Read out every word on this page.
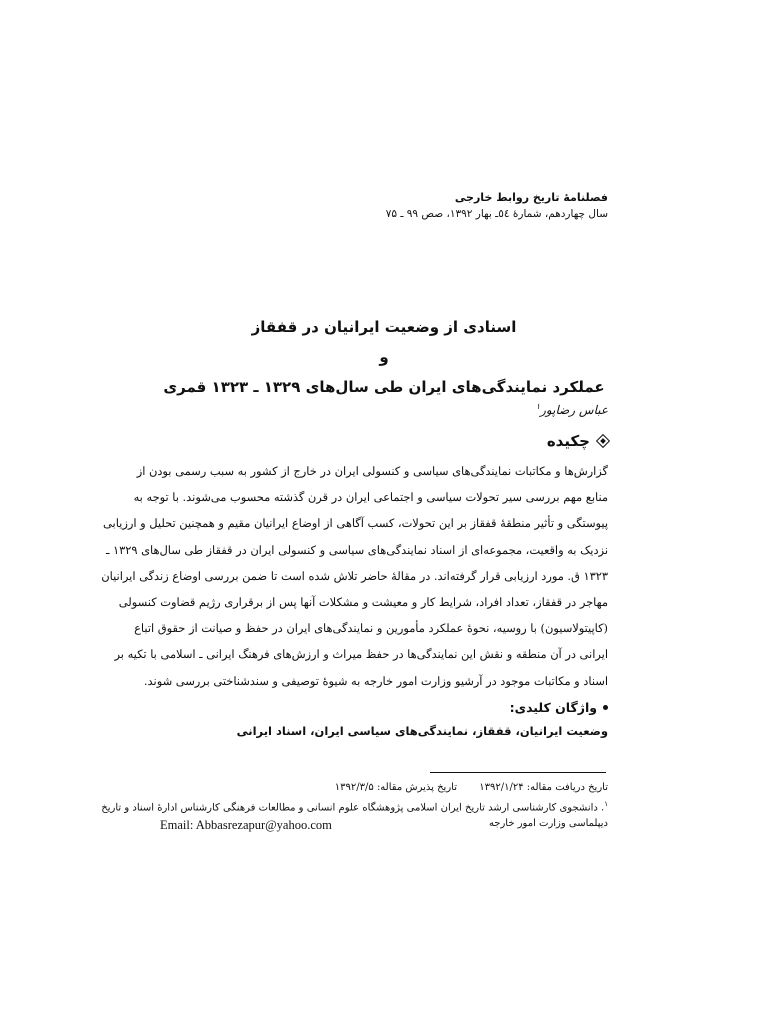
فصلنامهٔ تاریخ روابط خارجی
سال چهاردهم، شمارهٔ ٥٤ـ بهار ۱۳۹۲، صص ۹۹ ـ ۷۵
اسنادی از وضعیت ایرانیان در قفقاز
و
عملکرد نمایندگی‌های ایران طی سال‌های ۱۳۲۹ ـ ۱۳۲۳ قمری
عباس رضاپور$^۱$
چکیده
گزارش‌ها و مکاتبات نمایندگی‌های سیاسی و کنسولی ایران در خارج از کشور به سبب رسمی بودن از
منابع مهم بررسی سیر تحولات سیاسی و اجتماعی ایران در قرن گذشته محسوب می‌شوند. با توجه به
پیوستگی و تأثیر منطقهٔ قفقاز بر این تحولات، کسب آگاهی از اوضاع ایرانیان مقیم و همچنین تحلیل و ارزیابی
نزدیک به واقعیت، مجموعه‌ای از اسناد نمایندگی‌های سیاسی و کنسولی ایران در قفقاز طی سال‌های ۱۳۲۹ ـ
۱۳۲۳ ق. مورد ارزیابی قرار گرفته‌اند. در مقالهٔ حاضر تلاش شده است تا ضمن بررسی اوضاع زندگی ایرانیان
مهاجر در قفقاز، تعداد افراد، شرایط کار و معیشت و مشکلات آنها پس از برقراری رژیم قضاوت کنسولی
(کاپیتولاسیون) با روسیه، نحوهٔ عملکرد مأمورین و نمایندگی‌های ایران در حفظ و صیانت از حقوق اتباع
ایرانی در آن منطقه و نقش این نمایندگی‌ها در حفظ میراث و ارزش‌های فرهنگ ایرانی ـ اسلامی با تکیه بر
اسناد و مکاتبات موجود در آرشیو وزارت امور خارجه به شیوهٔ توصیفی و سندشناختی بررسی شوند.
واژگان کلیدی:
وضعیت ایرانیان، قفقاز، نمایندگی‌های سیاسی ایران، اسناد ایرانی
تاریخ دریافت مقاله: ۱۳۹۲/۱/۲۴       تاریخ پذیرش مقاله: ۱۳۹۲/۳/۵
$^۱$. دانشجوی کارشناسی ارشد تاریخ ایران اسلامی پژوهشگاه علوم انسانی و مطالعات فرهنگی کارشناس ادارهٔ اسناد و تاریخ
Email: Abbasrezapur@yahoo.com	دیپلماسی وزارت امور خارجه
